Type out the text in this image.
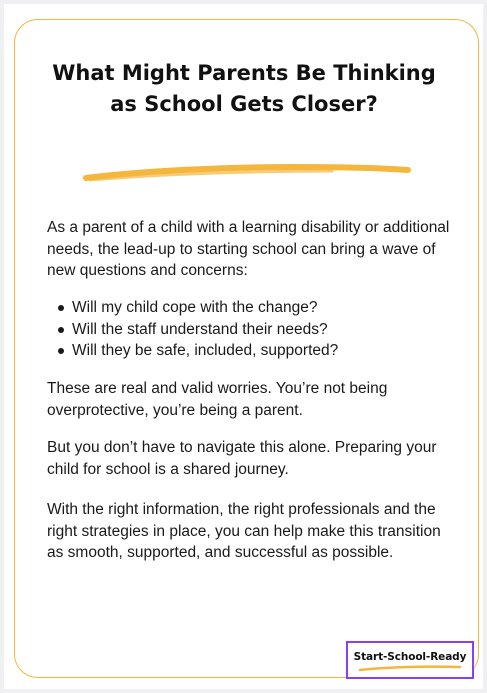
What Might Parents Be Thinking as School Gets Closer?

As a parent of a child with a learning disability or additional needs, the lead-up to starting school can bring a wave of new questions and concerns:

Will my child cope with the change?
Will the staff understand their needs?
Will they be safe, included, supported?

These are real and valid worries. You’re not being overprotective, you’re being a parent.

But you don’t have to navigate this alone. Preparing your child for school is a shared journey.

With the right information, the right professionals and the right strategies in place, you can help make this transition as smooth, supported, and successful as possible.

Start-School-Ready
